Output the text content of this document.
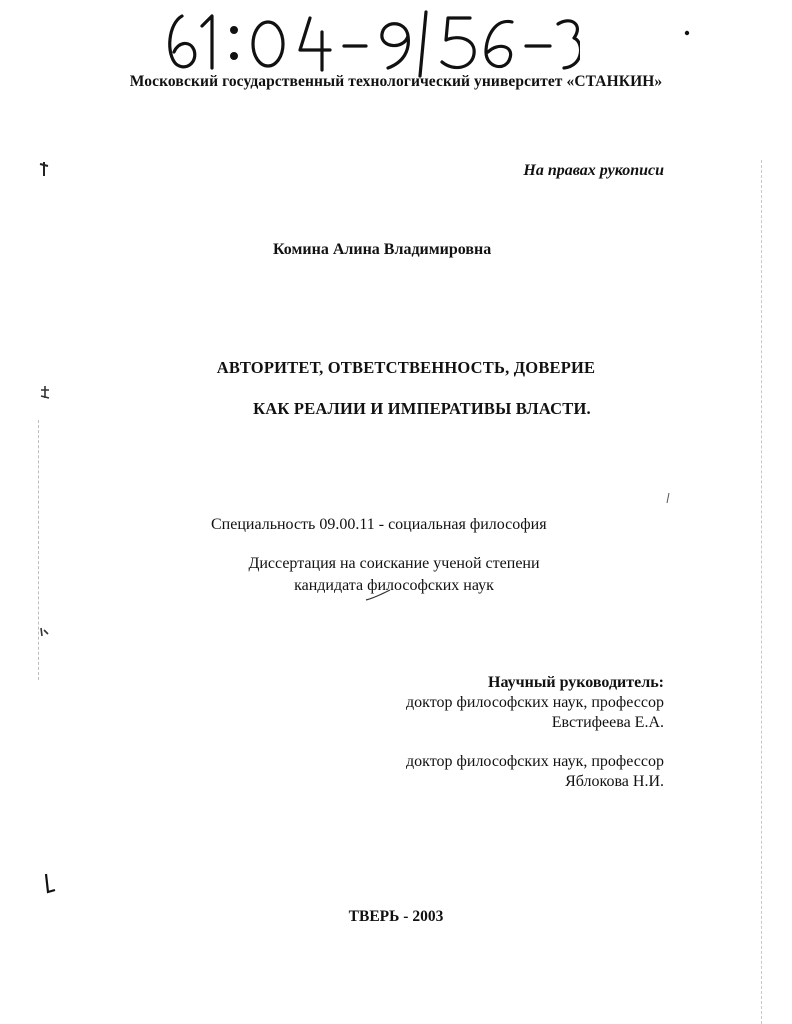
Московский государственный технологический университет «СТАНКИН»
На правах рукописи
Комина Алина Владимировна
АВТОРИТЕТ, ОТВЕТСТВЕННОСТЬ, ДОВЕРИЕ
КАК РЕАЛИИ И ИМПЕРАТИВЫ ВЛАСТИ.
Специальность 09.00.11 - социальная философия
Диссертация на соискание ученой степени
кандидата философских наук
Научный руководитель:
доктор философских наук, профессор
Евстифеева Е.А.
доктор философских наук, профессор
Яблокова Н.И.
ТВЕРЬ - 2003
